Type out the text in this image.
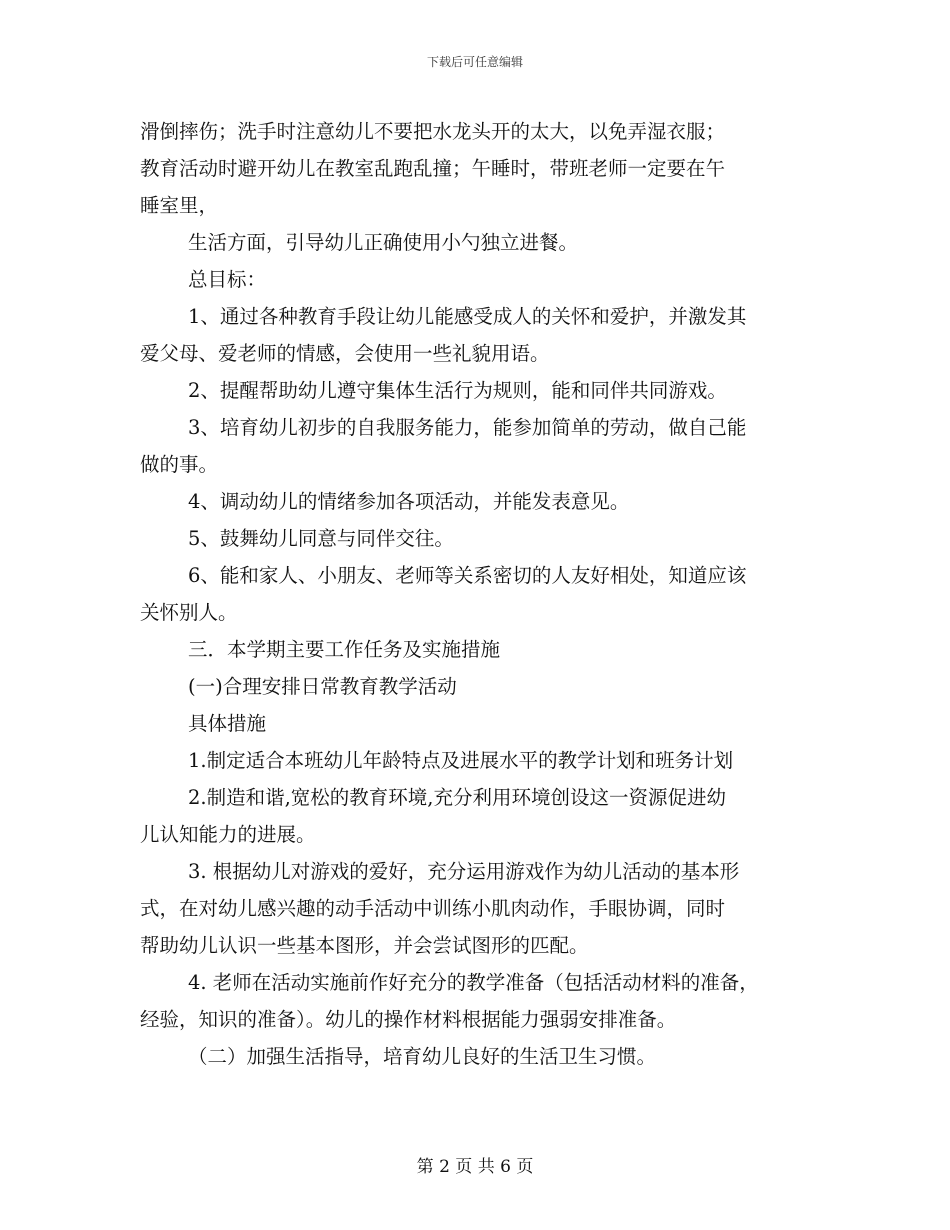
下载后可任意编辑
滑倒摔伤；洗手时注意幼儿不要把水龙头开的太大，以免弄湿衣服；
教育活动时避开幼儿在教室乱跑乱撞；午睡时，带班老师一定要在午
睡室里，
生活方面，引导幼儿正确使用小勺独立进餐。
总目标：
1、通过各种教育手段让幼儿能感受成人的关怀和爱护，并激发其
爱父母、爱老师的情感，会使用一些礼貌用语。
2、提醒帮助幼儿遵守集体生活行为规则，能和同伴共同游戏。
3、培育幼儿初步的自我服务能力，能参加简单的劳动，做自己能
做的事。
4、调动幼儿的情绪参加各项活动，并能发表意见。
5、鼓舞幼儿同意与同伴交往。
6、能和家人、小朋友、老师等关系密切的人友好相处，知道应该
关怀别人。
三．本学期主要工作任务及实施措施
(一)合理安排日常教育教学活动
具体措施
1.制定适合本班幼儿年龄特点及进展水平的教学计划和班务计划
2.制造和谐,宽松的教育环境,充分利用环境创设这一资源促进幼
儿认知能力的进展。
3. 根据幼儿对游戏的爱好，充分运用游戏作为幼儿活动的基本形
式，在对幼儿感兴趣的动手活动中训练小肌肉动作，手眼协调，同时
帮助幼儿认识一些基本图形，并会尝试图形的匹配。
4. 老师在活动实施前作好充分的教学准备（包括活动材料的准备，
经验，知识的准备）。幼儿的操作材料根据能力强弱安排准备。
（二）加强生活指导，培育幼儿良好的生活卫生习惯。
第 2 页 共 6 页
